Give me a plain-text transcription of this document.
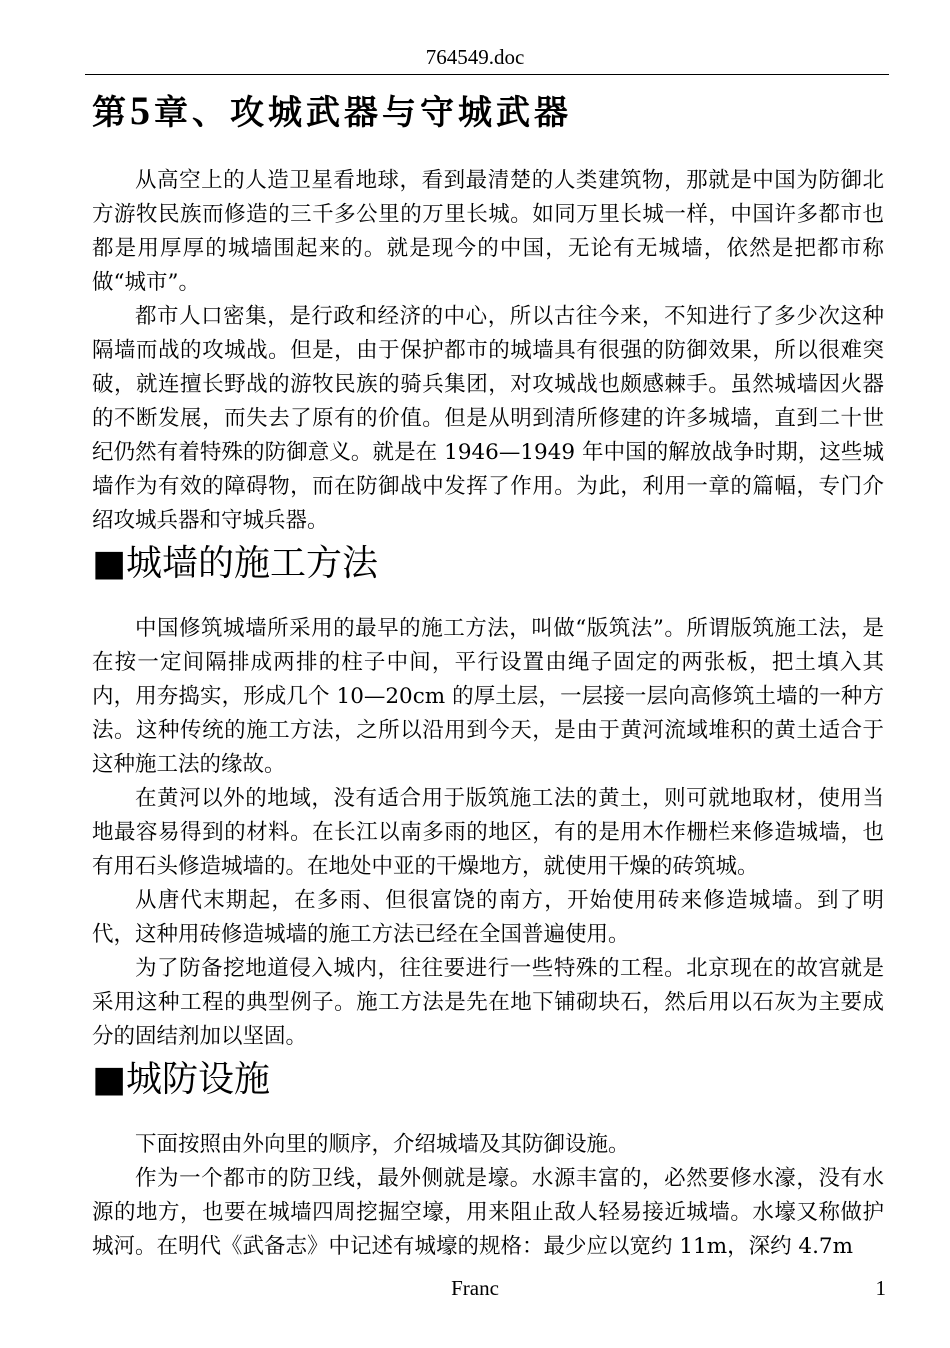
764549.doc
第5章、攻城武器与守城武器

从高空上的人造卫星看地球，看到最清楚的人类建筑物，那就是中国为防御北方游牧民族而修造的三千多公里的万里长城。如同万里长城一样，中国许多都市也都是用厚厚的城墙围起来的。就是现今的中国，无论有无城墙，依然是把都市称做“城市”。

都市人口密集，是行政和经济的中心，所以古往今来，不知进行了多少次这种隔墙而战的攻城战。但是，由于保护都市的城墙具有很强的防御效果，所以很难突破，就连擅长野战的游牧民族的骑兵集团，对攻城战也颇感棘手。虽然城墙因火器的不断发展，而失去了原有的价值。但是从明到清所修建的许多城墙，直到二十世纪仍然有着特殊的防御意义。就是在 1946—1949 年中国的解放战争时期，这些城墙作为有效的障碍物，而在防御战中发挥了作用。为此，利用一章的篇幅，专门介绍攻城兵器和守城兵器。

■城墙的施工方法

中国修筑城墙所采用的最早的施工方法，叫做“版筑法”。所谓版筑施工法，是在按一定间隔排成两排的柱子中间，平行设置由绳子固定的两张板，把土填入其内，用夯捣实，形成几个 10—20cm 的厚土层，一层接一层向高修筑土墙的一种方法。这种传统的施工方法，之所以沿用到今天，是由于黄河流域堆积的黄土适合于这种施工法的缘故。

在黄河以外的地域，没有适合用于版筑施工法的黄土，则可就地取材，使用当地最容易得到的材料。在长江以南多雨的地区，有的是用木作栅栏来修造城墙，也有用石头修造城墙的。在地处中亚的干燥地方，就使用干燥的砖筑城。

从唐代末期起，在多雨、但很富饶的南方，开始使用砖来修造城墙。到了明代，这种用砖修造城墙的施工方法已经在全国普遍使用。

为了防备挖地道侵入城内，往往要进行一些特殊的工程。北京现在的故宫就是采用这种工程的典型例子。施工方法是先在地下铺砌块石，然后用以石灰为主要成分的固结剂加以坚固。

■城防设施

下面按照由外向里的顺序，介绍城墙及其防御设施。

作为一个都市的防卫线，最外侧就是壕。水源丰富的，必然要修水濠，没有水源的地方，也要在城墙四周挖掘空壕，用来阻止敌人轻易接近城墙。水壕又称做护城河。在明代《武备志》中记述有城壕的规格：最少应以宽约 11m，深约 4.7m

Franc	1
